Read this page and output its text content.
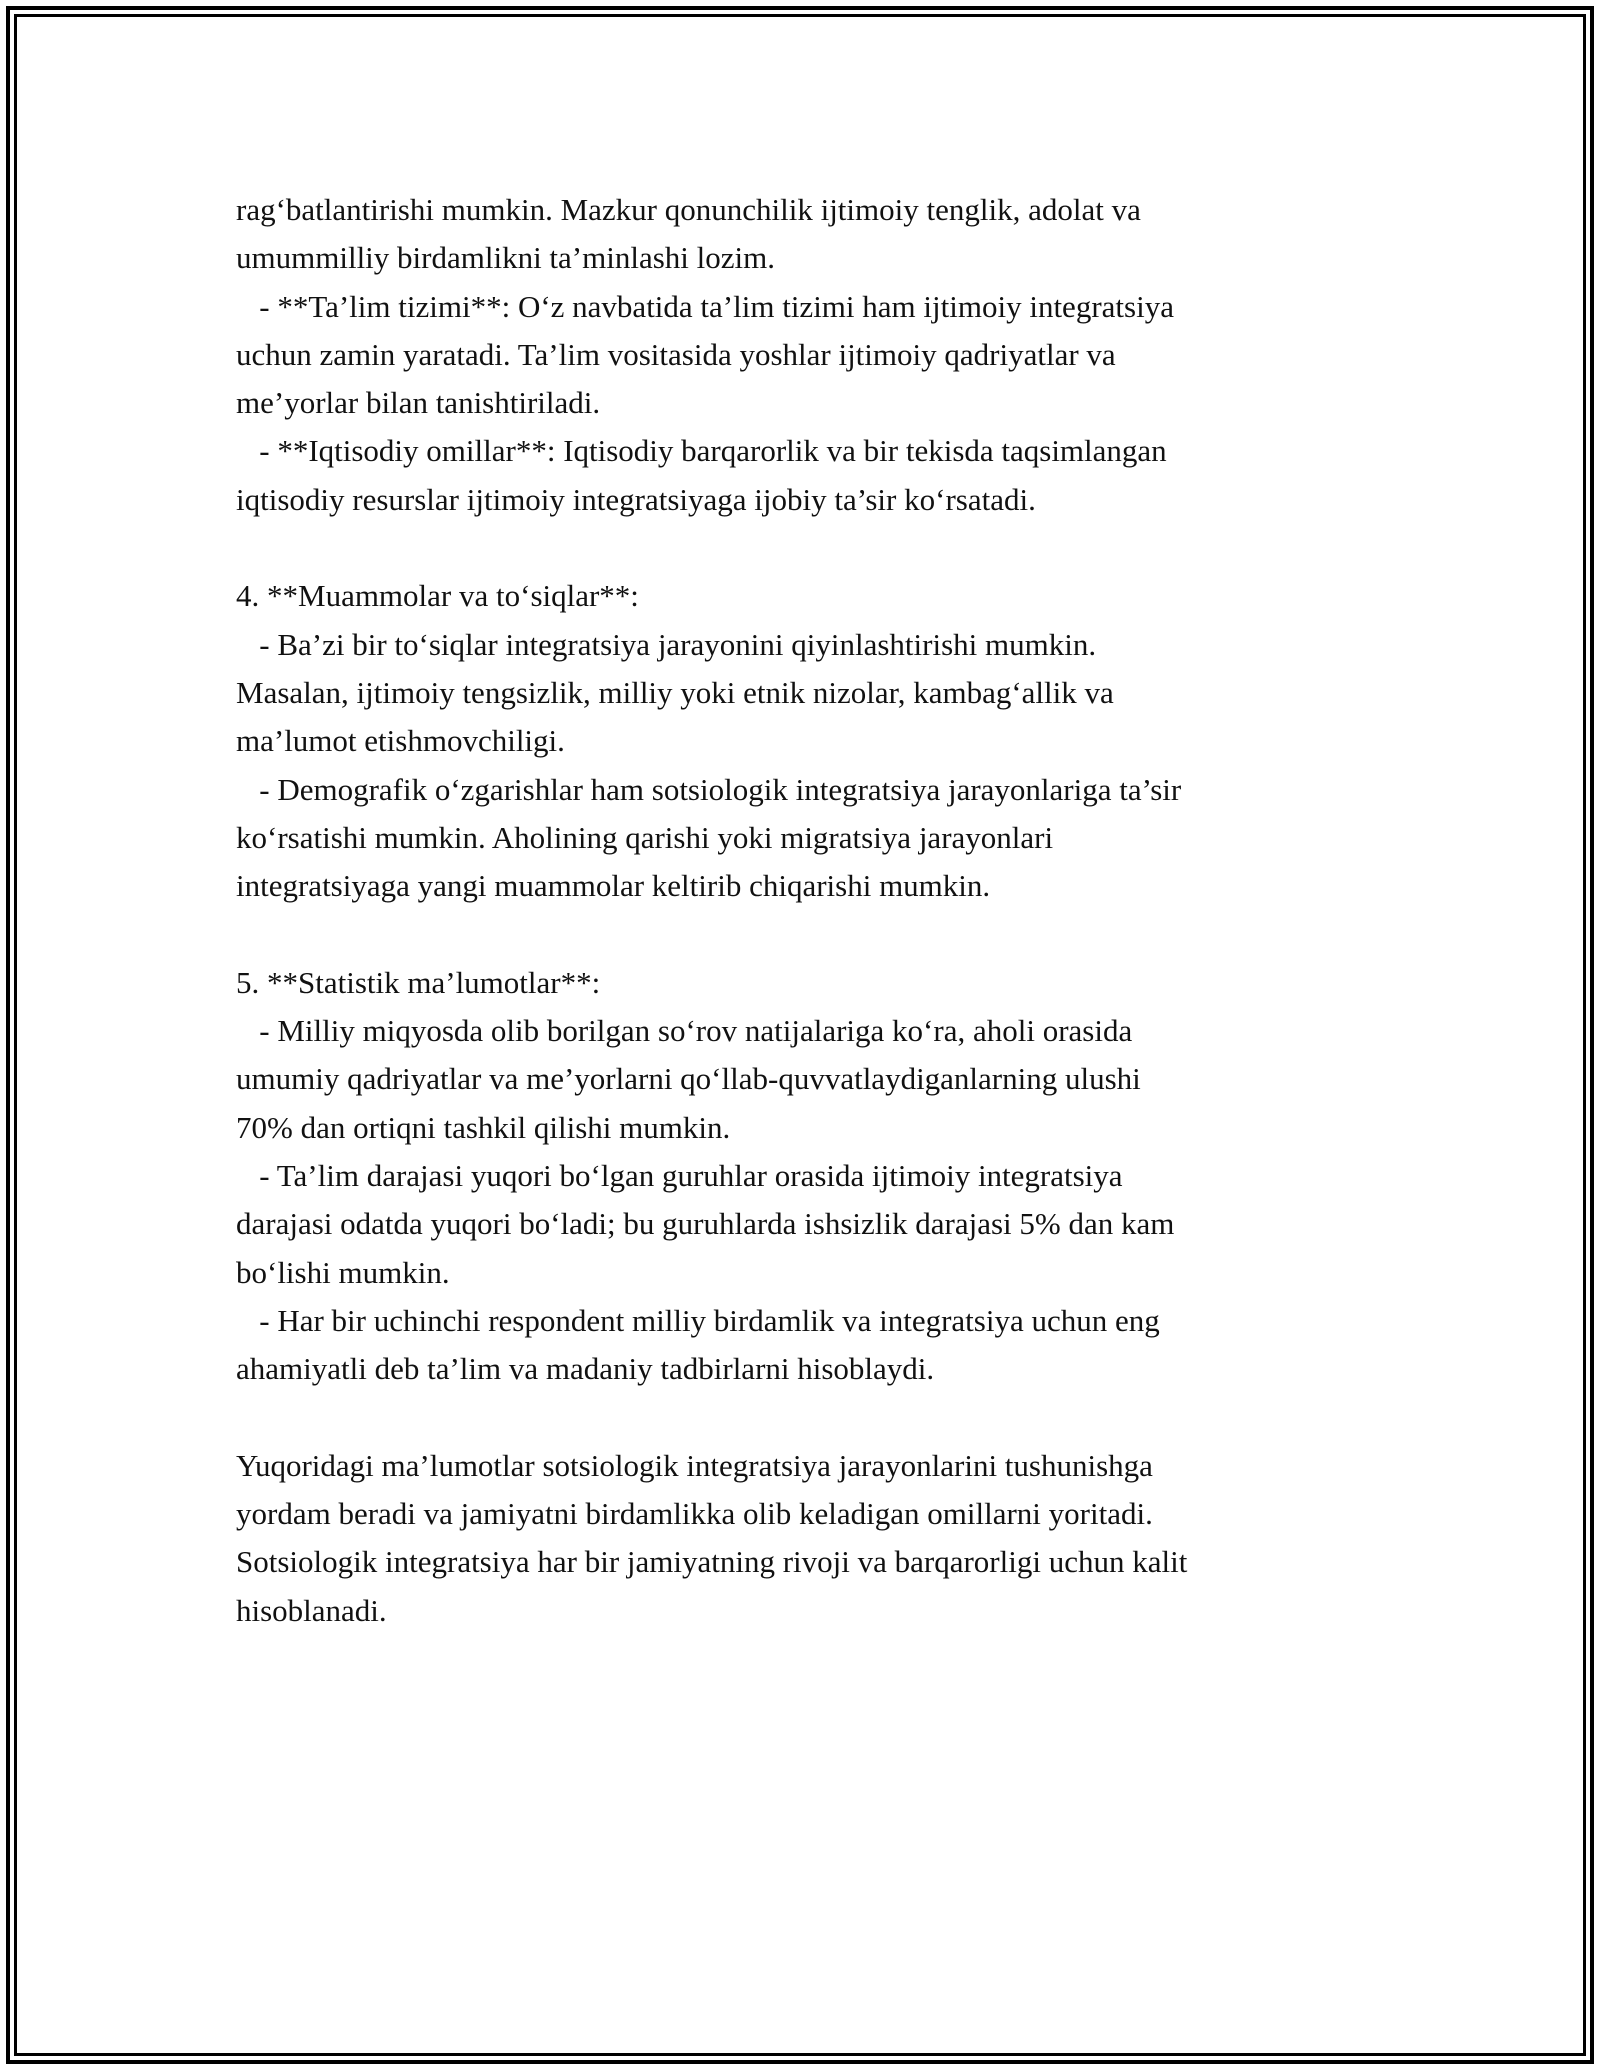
rag‘batlantirishi mumkin. Mazkur qonunchilik ijtimoiy tenglik, adolat va

umummilliy birdamlikni ta’minlashi lozim.

- **Ta’lim tizimi**: O‘z navbatida ta’lim tizimi ham ijtimoiy integratsiya

uchun zamin yaratadi. Ta’lim vositasida yoshlar ijtimoiy qadriyatlar va

me’yorlar bilan tanishtiriladi.

- **Iqtisodiy omillar**: Iqtisodiy barqarorlik va bir tekisda taqsimlangan

iqtisodiy resurslar ijtimoiy integratsiyaga ijobiy ta’sir ko‘rsatadi.

4. **Muammolar va to‘siqlar**:

- Ba’zi bir to‘siqlar integratsiya jarayonini qiyinlashtirishi mumkin.

Masalan, ijtimoiy tengsizlik, milliy yoki etnik nizolar, kambag‘allik va

ma’lumot etishmovchiligi.

- Demografik o‘zgarishlar ham sotsiologik integratsiya jarayonlariga ta’sir

ko‘rsatishi mumkin. Aholining qarishi yoki migratsiya jarayonlari

integratsiyaga yangi muammolar keltirib chiqarishi mumkin.

5. **Statistik ma’lumotlar**:

- Milliy miqyosda olib borilgan so‘rov natijalariga ko‘ra, aholi orasida

umumiy qadriyatlar va me’yorlarni qo‘llab-quvvatlaydiganlarning ulushi

70% dan ortiqni tashkil qilishi mumkin.

- Ta’lim darajasi yuqori bo‘lgan guruhlar orasida ijtimoiy integratsiya

darajasi odatda yuqori bo‘ladi; bu guruhlarda ishsizlik darajasi 5% dan kam

bo‘lishi mumkin.

- Har bir uchinchi respondent milliy birdamlik va integratsiya uchun eng

ahamiyatli deb ta’lim va madaniy tadbirlarni hisoblaydi.

Yuqoridagi ma’lumotlar sotsiologik integratsiya jarayonlarini tushunishga

yordam beradi va jamiyatni birdamlikka olib keladigan omillarni yoritadi.

Sotsiologik integratsiya har bir jamiyatning rivoji va barqarorligi uchun kalit

hisoblanadi.
